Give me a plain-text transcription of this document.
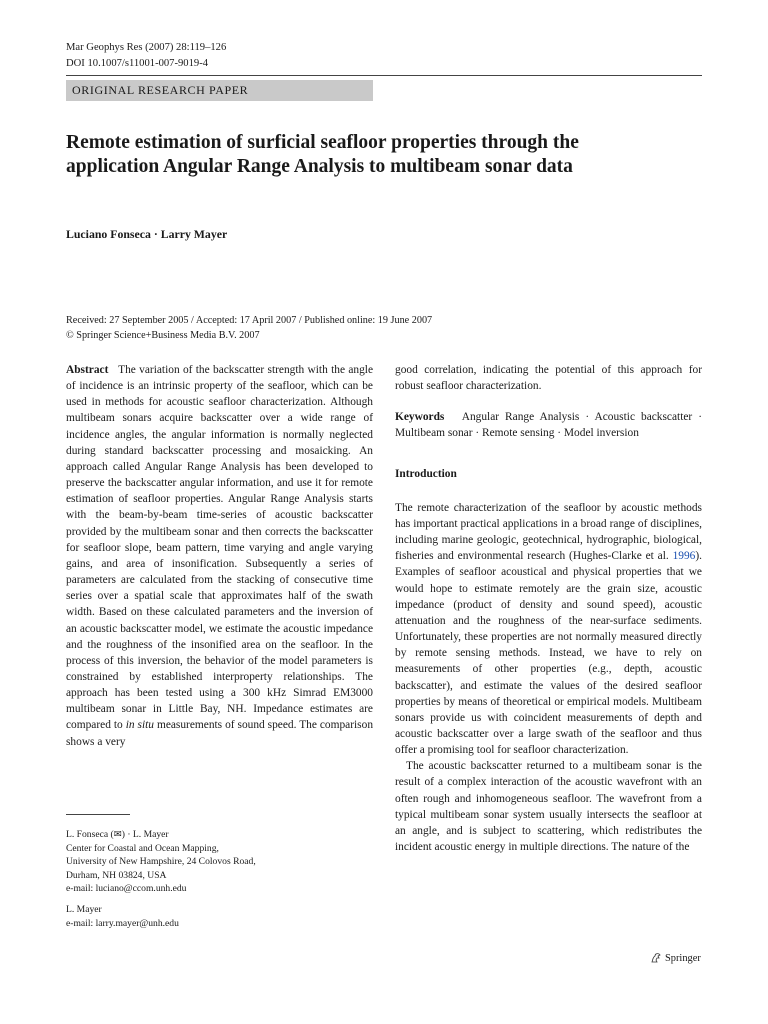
Mar Geophys Res (2007) 28:119–126
DOI 10.1007/s11001-007-9019-4
ORIGINAL RESEARCH PAPER
Remote estimation of surficial seafloor properties through the application Angular Range Analysis to multibeam sonar data
Luciano Fonseca · Larry Mayer
Received: 27 September 2005 / Accepted: 17 April 2007 / Published online: 19 June 2007
© Springer Science+Business Media B.V. 2007

Abstract The variation of the backscatter strength with the angle of incidence is an intrinsic property of the seafloor, which can be used in methods for acoustic seafloor characterization. Although multibeam sonars acquire backscatter over a wide range of incidence angles, the angular information is normally neglected during standard backscatter processing and mosaicking. An approach called Angular Range Analysis has been developed to preserve the backscatter angular information, and use it for remote estimation of seafloor properties. Angular Range Analysis starts with the beam-by-beam time-series of acoustic backscatter provided by the multibeam sonar and then corrects the backscatter for seafloor slope, beam pattern, time varying and angle varying gains, and area of insonification. Subsequently a series of parameters are calculated from the stacking of consecutive time series over a spatial scale that approximates half of the swath width. Based on these calculated parameters and the inversion of an acoustic backscatter model, we estimate the acoustic impedance and the roughness of the insonified area on the seafloor. In the process of this inversion, the behavior of the model parameters is constrained by established interproperty relationships. The approach has been tested using a 300 kHz Simrad EM3000 multibeam sonar in Little Bay, NH. Impedance estimates are compared to in situ measurements of sound speed. The comparison shows a very

good correlation, indicating the potential of this approach for robust seafloor characterization.

Keywords Angular Range Analysis · Acoustic backscatter · Multibeam sonar · Remote sensing · Model inversion

Introduction

The remote characterization of the seafloor by acoustic methods has important practical applications in a broad range of disciplines, including marine geologic, geotechnical, hydrographic, biological, fisheries and environmental research (Hughes-Clarke et al. 1996). Examples of seafloor acoustical and physical properties that we would hope to estimate remotely are the grain size, acoustic impedance (product of density and sound speed), acoustic attenuation and the roughness of the near-surface sediments. Unfortunately, these properties are not normally measured directly by remote sensing methods. Instead, we have to rely on measurements of other properties (e.g., depth, acoustic backscatter), and estimate the values of the desired seafloor properties by means of theoretical or empirical models. Multibeam sonars provide us with coincident measurements of depth and acoustic backscatter over a large swath of the seafloor and thus offer a promising tool for seafloor characterization.

The acoustic backscatter returned to a multibeam sonar is the result of a complex interaction of the acoustic wavefront with an often rough and inhomogeneous seafloor. The wavefront from a typical multibeam sonar system usually intersects the seafloor at an angle, and is subject to scattering, which redistributes the incident acoustic energy in multiple directions. The nature of the

L. Fonseca (✉) · L. Mayer

Center for Coastal and Ocean Mapping,

University of New Hampshire, 24 Colovos Road,

Durham, NH 03824, USA

e-mail: luciano@ccom.unh.edu

L. Mayer

e-mail: larry.mayer@unh.edu

Springer
